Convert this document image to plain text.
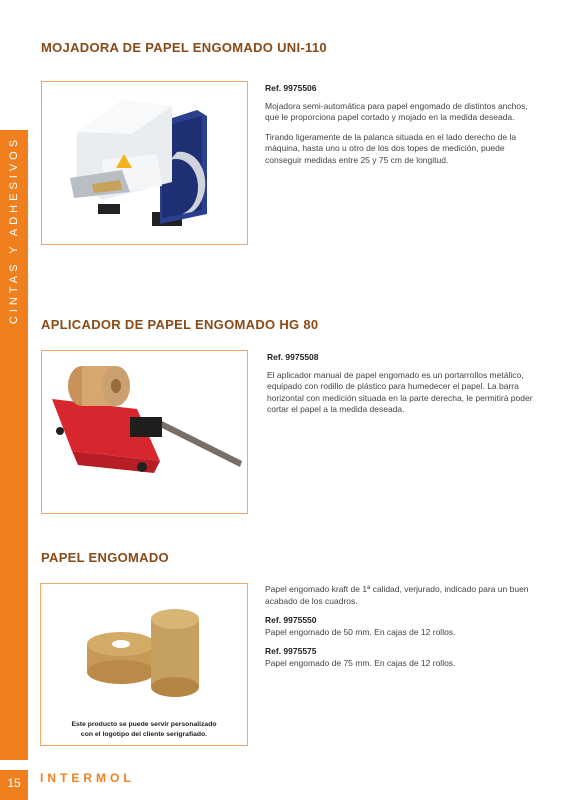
CINTAS Y ADHESIVOS
MOJADORA DE PAPEL ENGOMADO UNI-110
Ref. 9975506

Mojadora semi-automática para papel engomado de distintos anchos, que le proporciona papel cortado y mojado en la medida deseada.

Tirando ligeramente de la palanca situada en el lado derecho de la máquina, hasta uno u otro de los dos topes de medición, puede conseguir medidas entre 25 y 75 cm de longitud.

APLICADOR DE PAPEL ENGOMADO HG 80
Ref. 9975508

El aplicador manual de papel engomado es un portarrollos metálico, equipado con rodillo de plástico para humedecer el papel. La barra horizontal con medición situada en la parte derecha, le permitirá poder cortar el papel a la medida deseada.

PAPEL ENGOMADO
Este producto se puede servir personalizado
con el logotipo del cliente serigrafiado.

Papel engomado kraft de 1ª calidad, verjurado, indicado para un buen acabado de los cuadros.

Ref. 9975550
Papel engomado de 50 mm. En cajas de 12 rollos.

Ref. 9975575
Papel engomado de 75 mm. En cajas de 12 rollos.

15	INTERMOL
